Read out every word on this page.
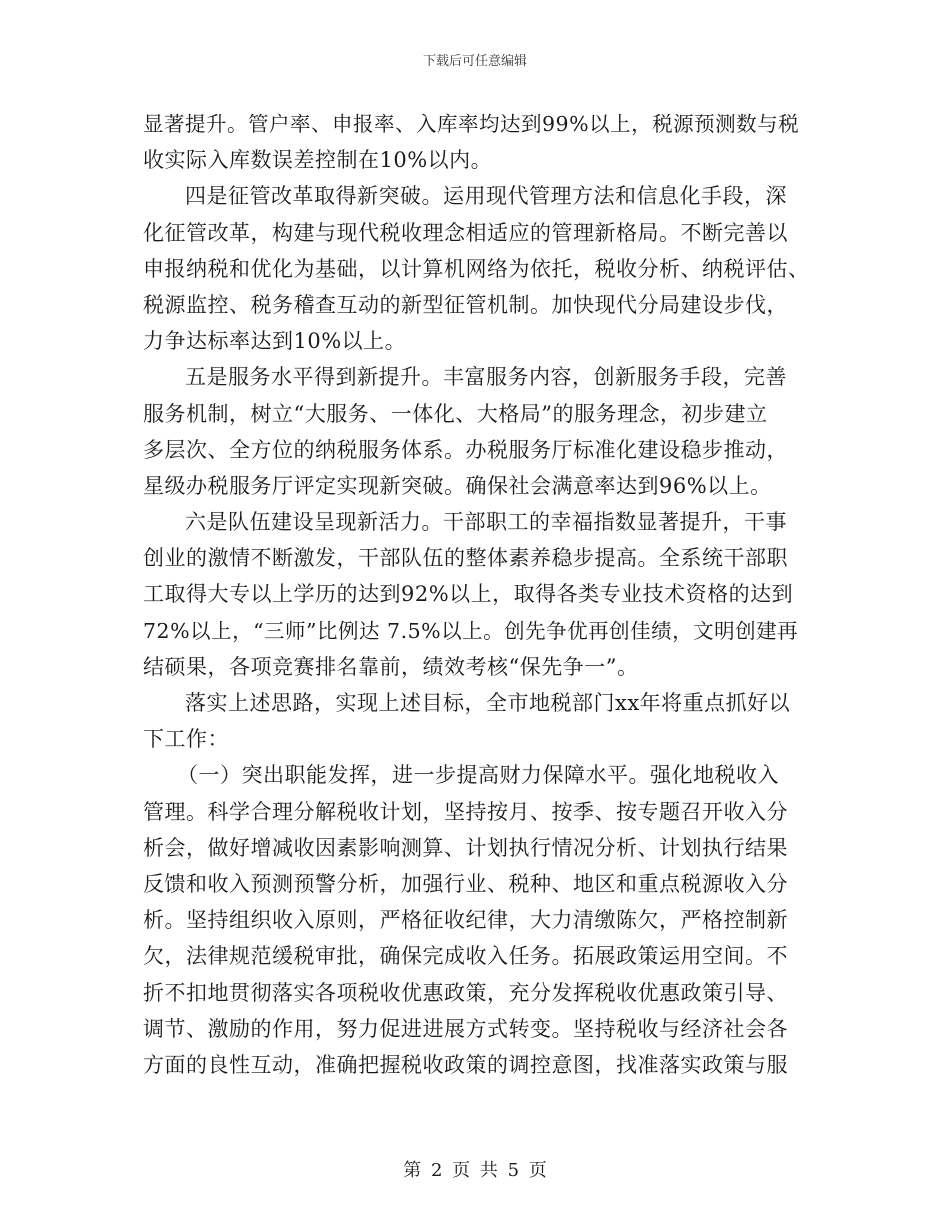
下载后可任意编辑
显著提升。管户率、申报率、入库率均达到99%以上，税源预测数与税
收实际入库数误差控制在10%以内。
四是征管改革取得新突破。运用现代管理方法和信息化手段，深
化征管改革，构建与现代税收理念相适应的管理新格局。不断完善以
申报纳税和优化为基础，以计算机网络为依托，税收分析、纳税评估、
税源监控、税务稽查互动的新型征管机制。加快现代分局建设步伐，
力争达标率达到10%以上。
五是服务水平得到新提升。丰富服务内容，创新服务手段，完善
服务机制，树立“大服务、一体化、大格局”的服务理念，初步建立
多层次、全方位的纳税服务体系。办税服务厅标准化建设稳步推动，
星级办税服务厅评定实现新突破。确保社会满意率达到96%以上。
六是队伍建设呈现新活力。干部职工的幸福指数显著提升，干事
创业的激情不断激发，干部队伍的整体素养稳步提高。全系统干部职
工取得大专以上学历的达到92%以上，取得各类专业技术资格的达到
72%以上，“三师”比例达 7.5%以上。创先争优再创佳绩，文明创建再
结硕果，各项竞赛排名靠前，绩效考核“保先争一”。
落实上述思路，实现上述目标，全市地税部门xx年将重点抓好以
下工作：
（一）突出职能发挥，进一步提高财力保障水平。强化地税收入
管理。科学合理分解税收计划，坚持按月、按季、按专题召开收入分
析会，做好增减收因素影响测算、计划执行情况分析、计划执行结果
反馈和收入预测预警分析，加强行业、税种、地区和重点税源收入分
析。坚持组织收入原则，严格征收纪律，大力清缴陈欠，严格控制新
欠，法律规范缓税审批，确保完成收入任务。拓展政策运用空间。不
折不扣地贯彻落实各项税收优惠政策，充分发挥税收优惠政策引导、
调节、激励的作用，努力促进进展方式转变。坚持税收与经济社会各
方面的良性互动，准确把握税收政策的调控意图，找准落实政策与服
第 2 页 共 5 页
